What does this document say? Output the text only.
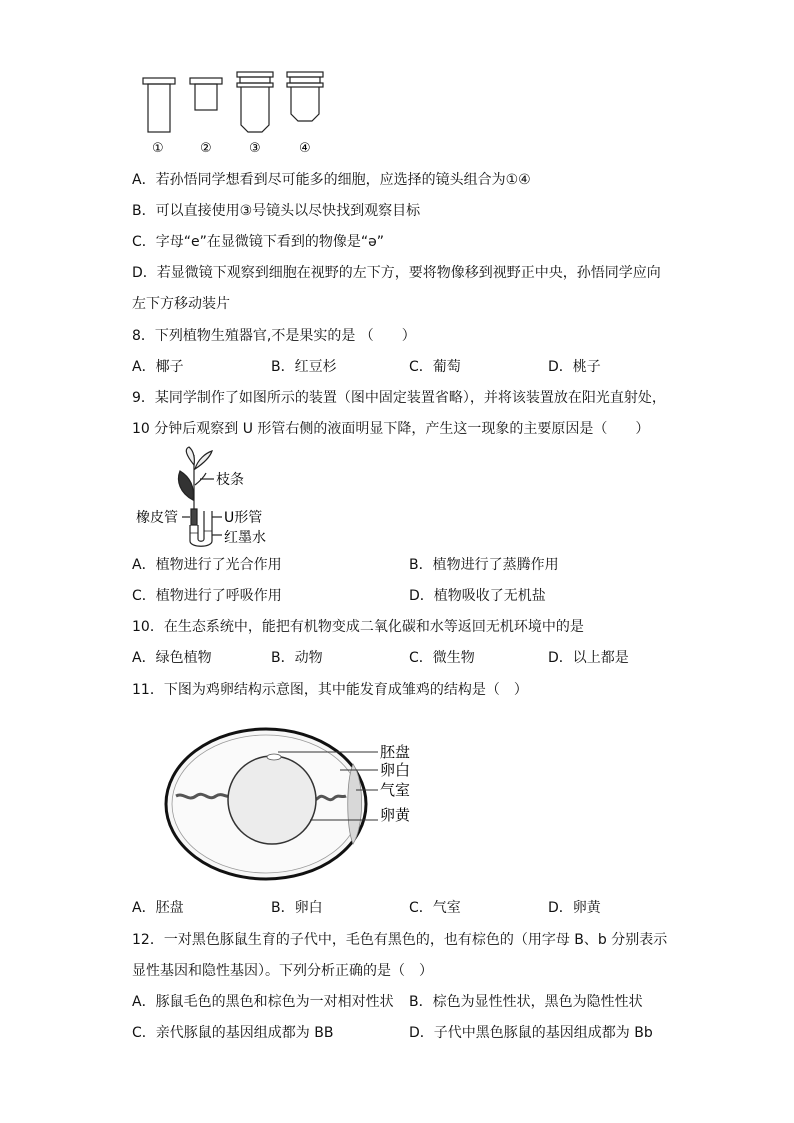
①	②	③	④
A．若孙悟同学想看到尽可能多的细胞，应选择的镜头组合为①④
B．可以直接使用③号镜头以尽快找到观察目标
C．字母“e”在显微镜下看到的物像是“ə”
D．若显微镜下观察到细胞在视野的左下方，要将物像移到视野正中央，孙悟同学应向
左下方移动装片
8．下列植物生殖器官,不是果实的是 （　　）
A．椰子	B．红豆杉	C．葡萄	D．桃子
9．某同学制作了如图所示的装置（图中固定装置省略），并将该装置放在阳光直射处，
10 分钟后观察到 U 形管右侧的液面明显下降，产生这一现象的主要原因是（　　）
枝条
橡皮管	U形管
红墨水
A．植物进行了光合作用	B．植物进行了蒸腾作用
C．植物进行了呼吸作用	D．植物吸收了无机盐
10．在生态系统中，能把有机物变成二氧化碳和水等返回无机环境中的是
A．绿色植物	B．动物	C．微生物	D．以上都是
11．下图为鸡卵结构示意图，其中能发育成雏鸡的结构是（　）
胚盘
卵白
气室
卵黄
A．胚盘	B．卵白	C．气室	D．卵黄
12．一对黑色豚鼠生育的子代中，毛色有黑色的，也有棕色的（用字母 B、b 分别表示
显性基因和隐性基因）。下列分析正确的是（　）
A．豚鼠毛色的黑色和棕色为一对相对性状 B．棕色为显性性状，黑色为隐性性状
C．亲代豚鼠的基因组成都为 BB	D．子代中黑色豚鼠的基因组成都为 Bb
